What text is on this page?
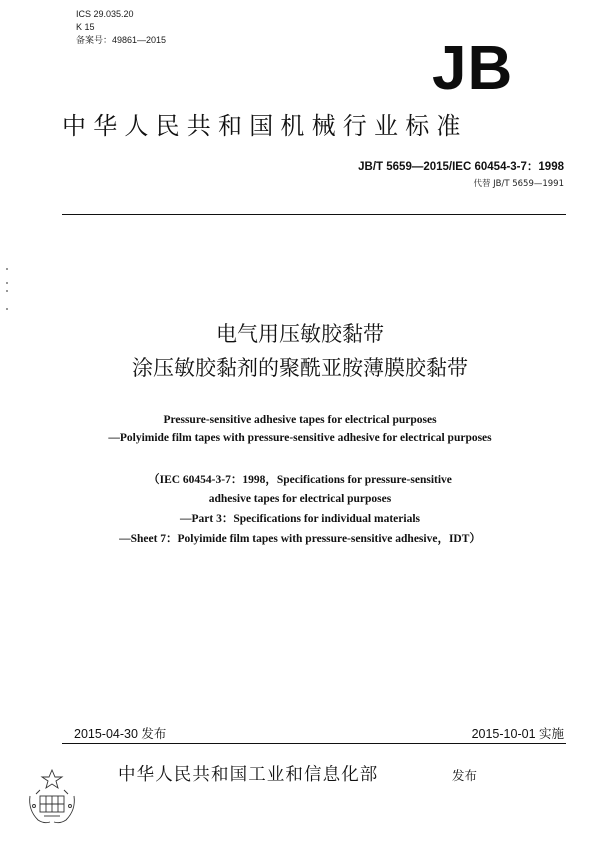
ICS 29.035.20
K 15
备案号：49861—2015	JB
中华人民共和国机械行业标准
JB/T 5659—2015/IEC 60454-3-7：1998
代替 JB/T 5659—1991
电气用压敏胶黏带
涂压敏胶黏剂的聚酰亚胺薄膜胶黏带
Pressure-sensitive adhesive tapes for electrical purposes
—Polyimide film tapes with pressure-sensitive adhesive for electrical purposes
（IEC 60454-3-7：1998，Specifications for pressure-sensitive
adhesive tapes for electrical purposes
—Part 3：Specifications for individual materials
—Sheet 7：Polyimide film tapes with pressure-sensitive adhesive，IDT）
2015-04-30 发布	2015-10-01 实施
中华人民共和国工业和信息化部	发布
